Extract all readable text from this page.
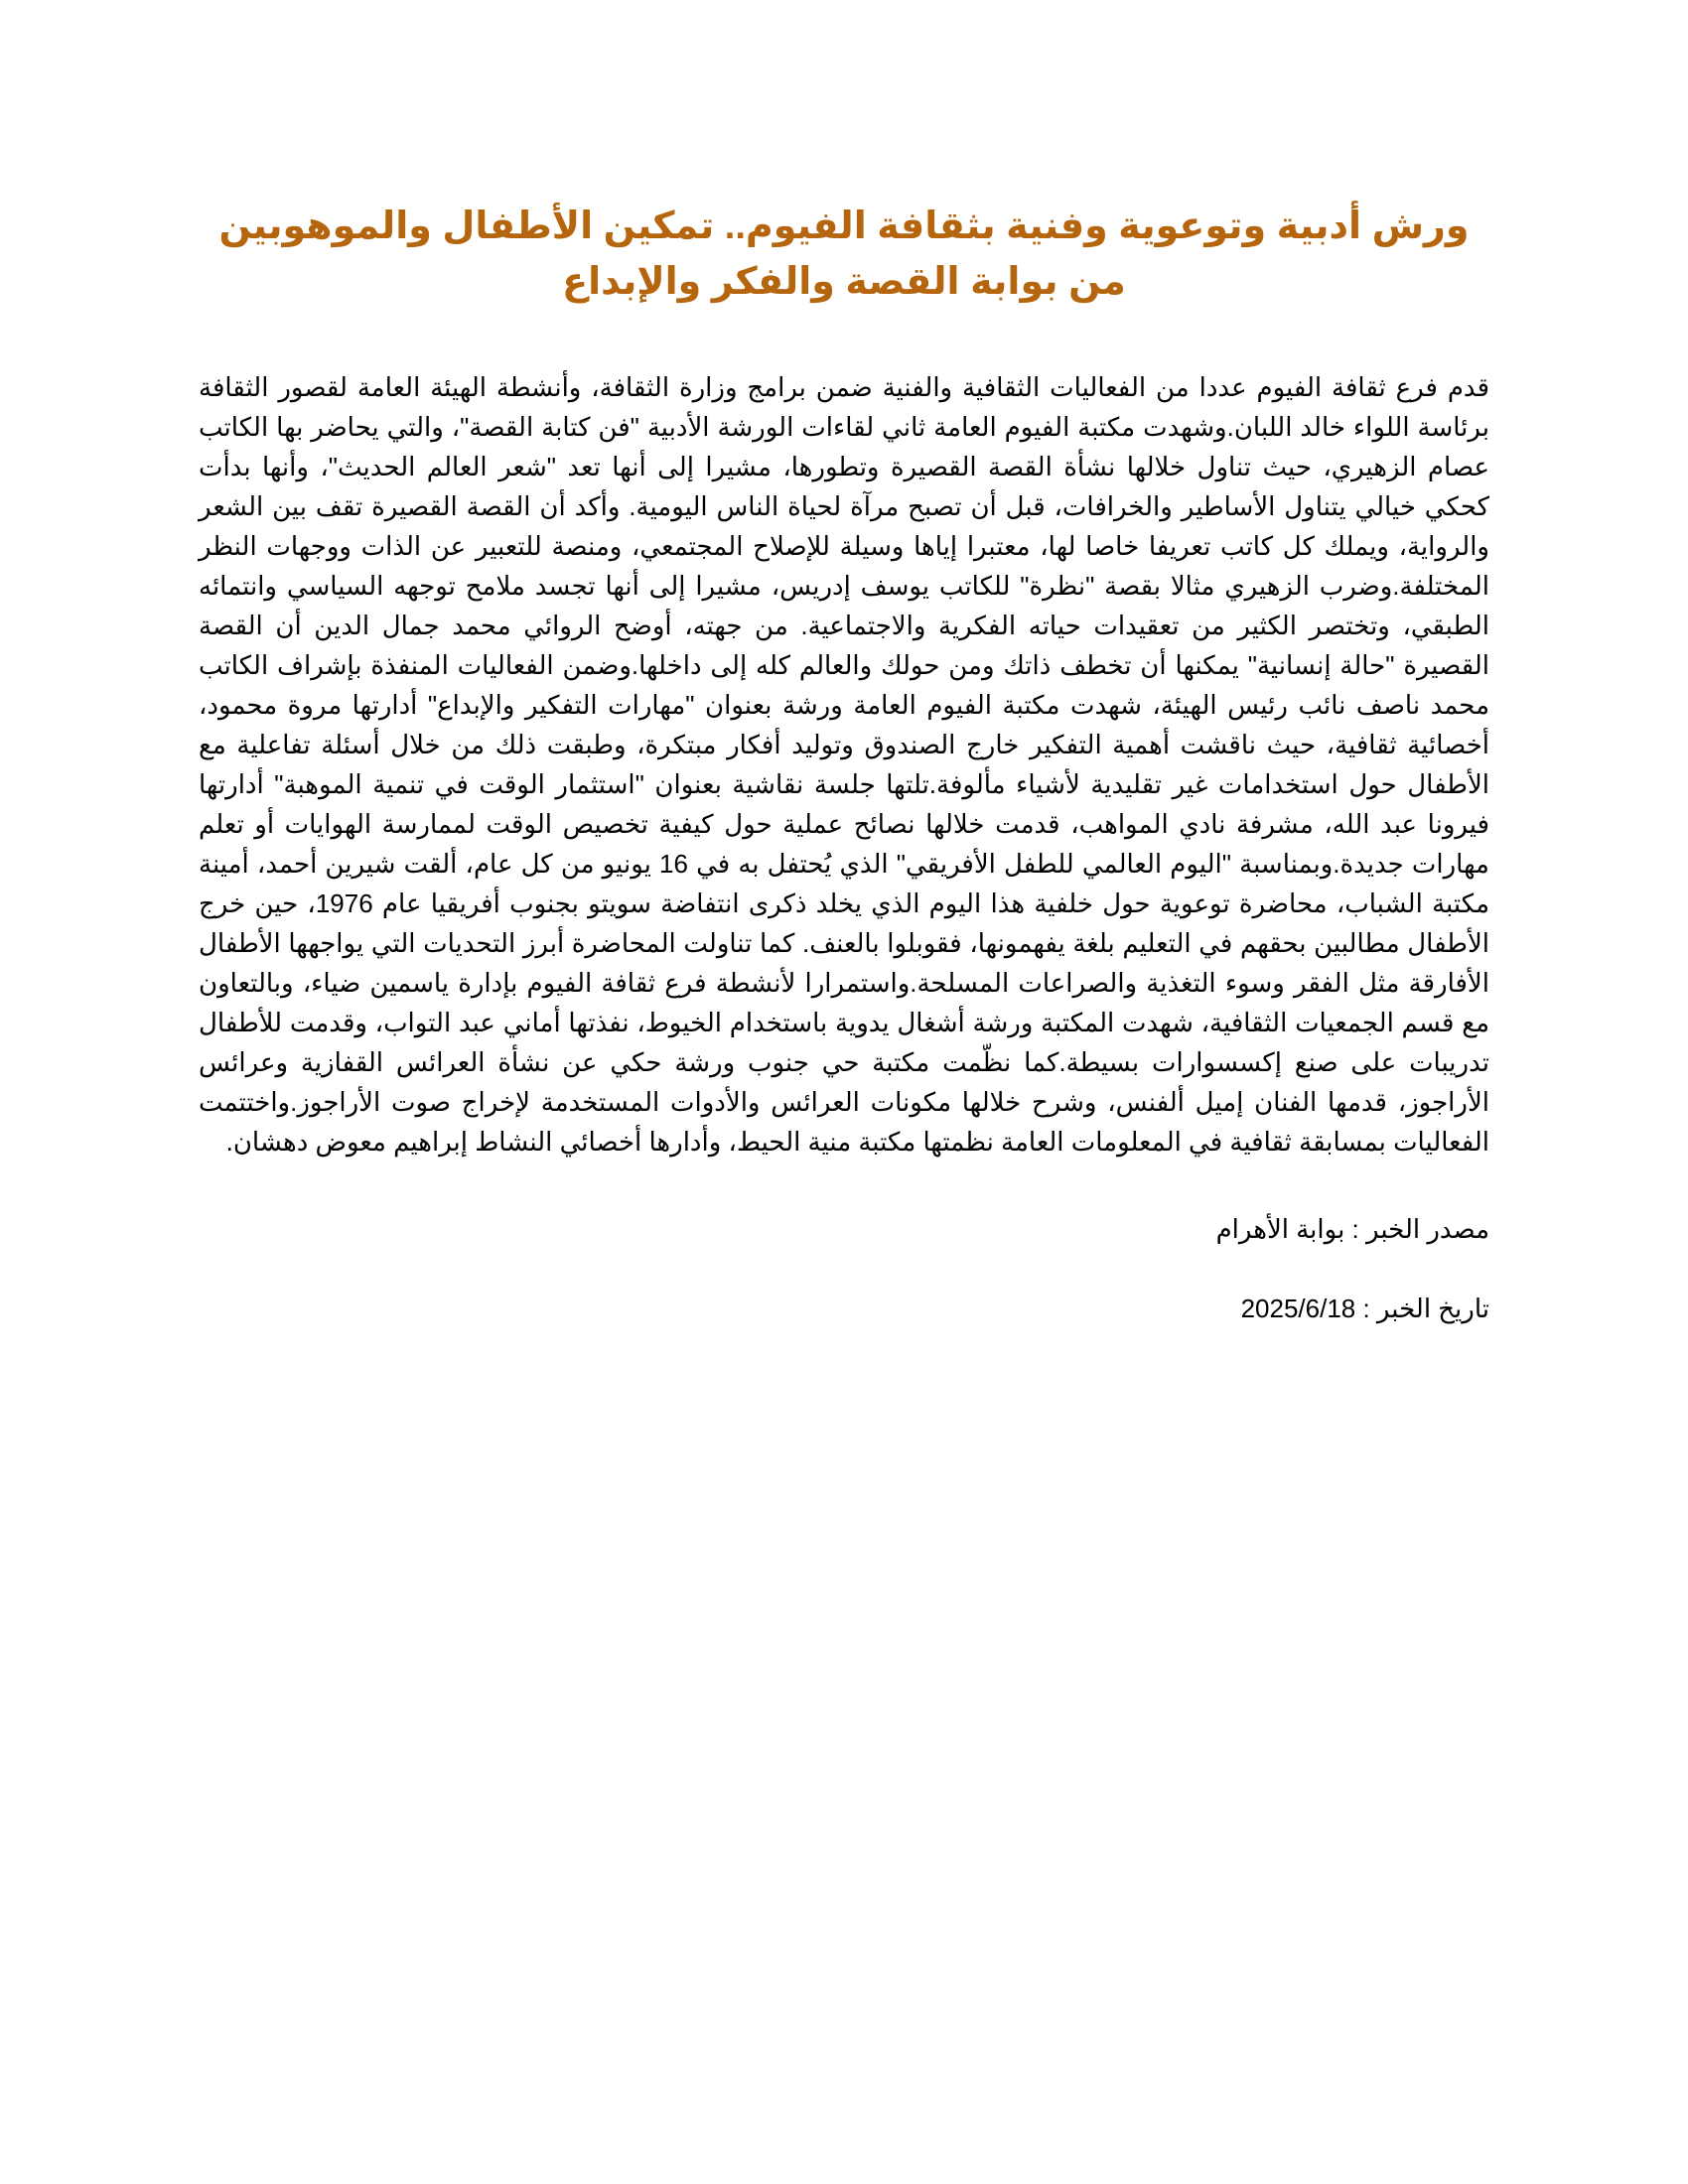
ورش أدبية وتوعوية وفنية بثقافة الفيوم.. تمكين الأطفال والموهوبين من بوابة القصة والفكر والإبداع

قدم فرع ثقافة الفيوم عددا من الفعاليات الثقافية والفنية ضمن برامج وزارة الثقافة، وأنشطة الهيئة العامة لقصور الثقافة برئاسة اللواء خالد اللبان.وشهدت مكتبة الفيوم العامة ثاني لقاءات الورشة الأدبية "فن كتابة القصة"، والتي يحاضر بها الكاتب عصام الزهيري، حيث تناول خلالها نشأة القصة القصيرة وتطورها، مشيرا إلى أنها تعد "شعر العالم الحديث"، وأنها بدأت كحكي خيالي يتناول الأساطير والخرافات، قبل أن تصبح مرآة لحياة الناس اليومية. وأكد أن القصة القصيرة تقف بين الشعر والرواية، ويملك كل كاتب تعريفا خاصا لها، معتبرا إياها وسيلة للإصلاح المجتمعي، ومنصة للتعبير عن الذات ووجهات النظر المختلفة.وضرب الزهيري مثالا بقصة "نظرة" للكاتب يوسف إدريس، مشيرا إلى أنها تجسد ملامح توجهه السياسي وانتمائه الطبقي، وتختصر الكثير من تعقيدات حياته الفكرية والاجتماعية. من جهته، أوضح الروائي محمد جمال الدين أن القصة القصيرة "حالة إنسانية" يمكنها أن تخطف ذاتك ومن حولك والعالم كله إلى داخلها.وضمن الفعاليات المنفذة بإشراف الكاتب محمد ناصف نائب رئيس الهيئة، شهدت مكتبة الفيوم العامة ورشة بعنوان "مهارات التفكير والإبداع" أدارتها مروة محمود، أخصائية ثقافية، حيث ناقشت أهمية التفكير خارج الصندوق وتوليد أفكار مبتكرة، وطبقت ذلك من خلال أسئلة تفاعلية مع الأطفال حول استخدامات غير تقليدية لأشياء مألوفة.تلتها جلسة نقاشية بعنوان "استثمار الوقت في تنمية الموهبة" أدارتها فيرونا عبد الله، مشرفة نادي المواهب، قدمت خلالها نصائح عملية حول كيفية تخصيص الوقت لممارسة الهوايات أو تعلم مهارات جديدة.وبمناسبة "اليوم العالمي للطفل الأفريقي" الذي يُحتفل به في 16 يونيو من كل عام، ألقت شيرين أحمد، أمينة مكتبة الشباب، محاضرة توعوية حول خلفية هذا اليوم الذي يخلد ذكرى انتفاضة سويتو بجنوب أفريقيا عام 1976، حين خرج الأطفال مطالبين بحقهم في التعليم بلغة يفهمونها، فقوبلوا بالعنف. كما تناولت المحاضرة أبرز التحديات التي يواجهها الأطفال الأفارقة مثل الفقر وسوء التغذية والصراعات المسلحة.واستمرارا لأنشطة فرع ثقافة الفيوم بإدارة ياسمين ضياء، وبالتعاون مع قسم الجمعيات الثقافية، شهدت المكتبة ورشة أشغال يدوية باستخدام الخيوط، نفذتها أماني عبد التواب، وقدمت للأطفال تدريبات على صنع إكسسوارات بسيطة.كما نظّمت مكتبة حي جنوب ورشة حكي عن نشأة العرائس القفازية وعرائس الأراجوز، قدمها الفنان إميل ألفنس، وشرح خلالها مكونات العرائس والأدوات المستخدمة لإخراج صوت الأراجوز.واختتمت الفعاليات بمسابقة ثقافية في المعلومات العامة نظمتها مكتبة منية الحيط، وأدارها أخصائي النشاط إبراهيم معوض دهشان.

مصدر الخبر : بوابة الأهرام

تاريخ الخبر : 2025/6/18
